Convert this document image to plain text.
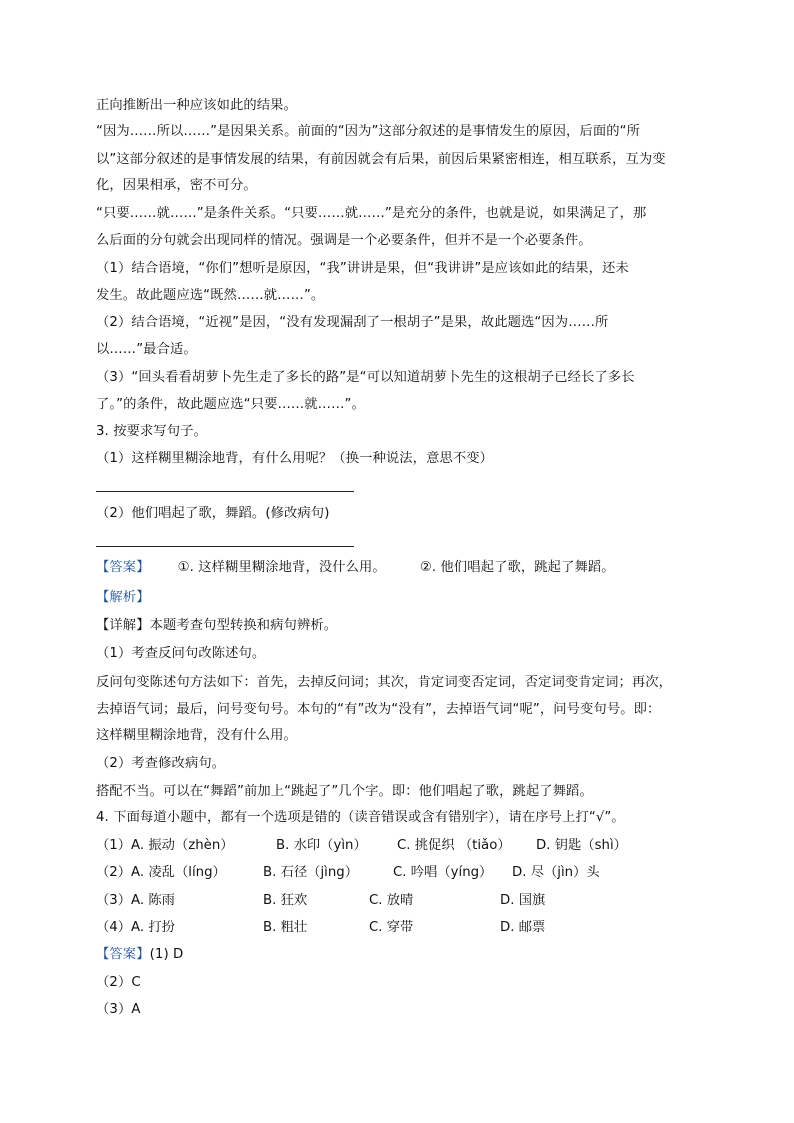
正向推断出一种应该如此的结果。
“因为……所以……”是因果关系。前面的“因为”这部分叙述的是事情发生的原因，后面的“所
以”这部分叙述的是事情发展的结果，有前因就会有后果，前因后果紧密相连，相互联系，互为变
化，因果相承，密不可分。
“只要……就……”是条件关系。“只要……就……”是充分的条件，也就是说，如果满足了，那
么后面的分句就会出现同样的情况。强调是一个必要条件，但并不是一个必要条件。
（1）结合语境，“你们”想听是原因，“我”讲讲是果，但“我讲讲”是应该如此的结果，还未
发生。故此题应选“既然……就……”。
（2）结合语境，“近视”是因，“没有发现漏刮了一根胡子”是果，故此题选“因为……所
以……”最合适。
（3）“回头看看胡萝卜先生走了多长的路”是“可以知道胡萝卜先生的这根胡子已经长了多长
了。”的条件，故此题应选“只要……就……”。
3. 按要求写句子。
（1）这样糊里糊涂地背，有什么用呢？（换一种说法，意思不变）
（2）他们唱起了歌，舞蹈。(修改病句)
【答案】 ①. 这样糊里糊涂地背，没什么用。	②. 他们唱起了歌，跳起了舞蹈。
【解析】
【详解】本题考查句型转换和病句辨析。
（1）考查反问句改陈述句。
反问句变陈述句方法如下：首先，去掉反问词；其次，肯定词变否定词，否定词变肯定词；再次，
去掉语气词；最后，问号变句号。本句的“有”改为“没有”，去掉语气词“呢”，问号变句号。即：
这样糊里糊涂地背，没有什么用。
（2）考查修改病句。
搭配不当。可以在“舞蹈”前加上“跳起了”几个字。即：他们唱起了歌，跳起了舞蹈。
4. 下面每道小题中，都有一个选项是错的（读音错误或含有错别字），请在序号上打“√”。
（1）A. 振动（zhèn）	B. 水印（yìn） C. 挑促织 （tiǎo） D. 钥匙（shì）
（2）A. 凌乱（líng）	B. 石径（jìng）	C. 吟唱（yíng） D. 尽（jìn）头
（3）A. 陈雨	B. 狂欢	C. 放晴	D. 国旗
（4）A. 打扮	B. 粗壮	C. 穿带	D. 邮票
【答案】(1) D
（2）C
（3）A
